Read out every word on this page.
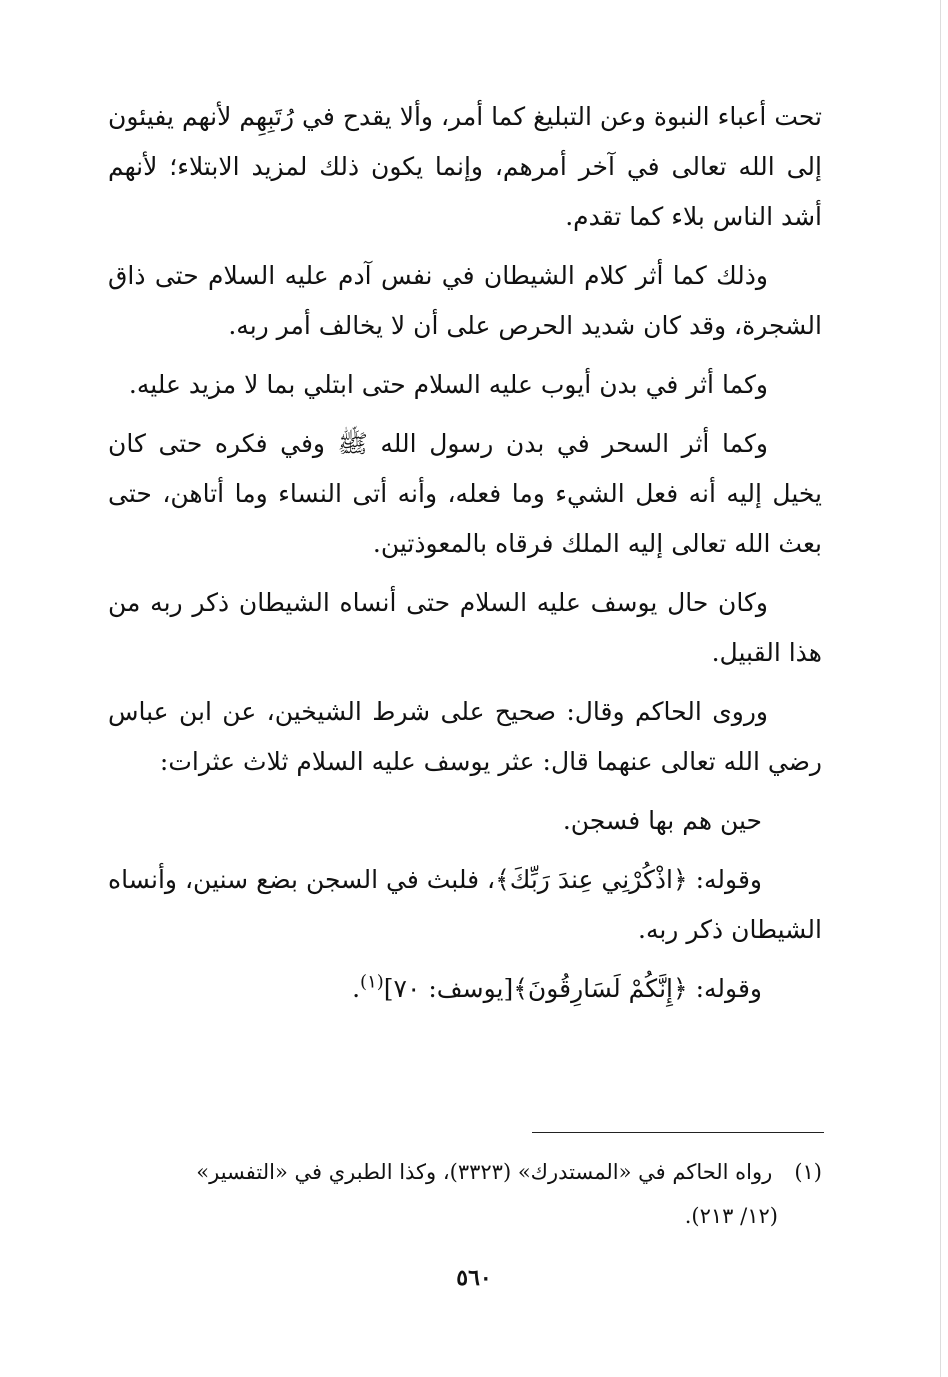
تحت أعباء النبوة وعن التبليغ كما أمر، وألا يقدح في رُتَبِهِم لأنهم يفيئون إلى الله تعالى في آخر أمرهم، وإنما يكون ذلك لمزيد الابتلاء؛ لأنهم أشد الناس بلاء كما تقدم.

وذلك كما أثر كلام الشيطان في نفس آدم عليه السلام حتى ذاق الشجرة، وقد كان شديد الحرص على أن لا يخالف أمر ربه.

وكما أثر في بدن أيوب عليه السلام حتى ابتلي بما لا مزيد عليه.

وكما أثر السحر في بدن رسول الله ﷺ وفي فكره حتى كان يخيل إليه أنه فعل الشيء وما فعله، وأنه أتى النساء وما أتاهن، حتى بعث الله تعالى إليه الملك فرقاه بالمعوذتين.

وكان حال يوسف عليه السلام حتى أنساه الشيطان ذكر ربه من هذا القبيل.

وروى الحاكم وقال: صحيح على شرط الشيخين، عن ابن عباس رضي الله تعالى عنهما قال: عثر يوسف عليه السلام ثلاث عثرات:

حين هم بها فسجن.

وقوله: ﴿اذْكُرْنِي عِندَ رَبِّكَ﴾، فلبث في السجن بضع سنين، وأنساه الشيطان ذكر ربه.

وقوله: ﴿إِنَّكُمْ لَسَارِقُونَ﴾[يوسف: ٧٠]$^{(١)}$.

(١)رواه الحاكم في «المستدرك» (٣٣٢٣)، وكذا الطبري في «التفسير»
(١٢/ ٢١٣).
٥٦٠
